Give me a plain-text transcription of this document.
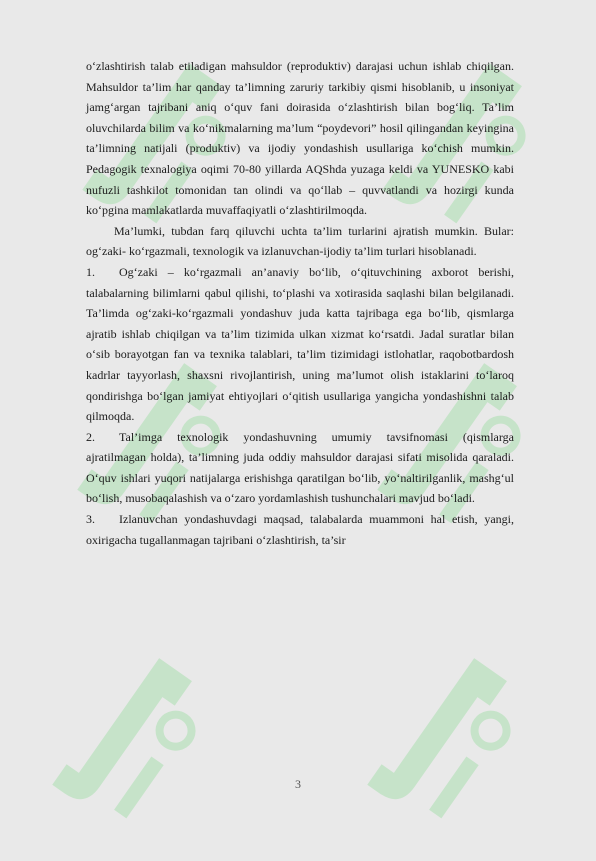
o‘zlashtirish talab etiladigan mahsuldor (reproduktiv) darajasi uchun ishlab chiqilgan. Mahsuldor ta’lim har qanday ta’limning zaruriy tarkibiy qismi hisoblanib, u insoniyat jamg‘argan tajribani aniq o‘quv fani doirasida o‘zlashtirish bilan bog‘liq. Ta’lim oluvchilarda bilim va ko‘nikmalarning ma’lum “poydevori” hosil qilingandan keyingina ta’limning natijali (produktiv) va ijodiy yondashish usullariga ko‘chish mumkin. Pedagogik texnalogiya oqimi 70-80 yillarda AQShda yuzaga keldi va YUNESKO kabi nufuzli tashkilot tomonidan tan olindi va qo‘llab – quvvatlandi va hozirgi kunda ko‘pgina mamlakatlarda muvaffaqiyatli o‘zlashtirilmoqda.

Ma’lumki, tubdan farq qiluvchi uchta ta’lim turlarini ajratish mumkin. Bular: og‘zaki- ko‘rgazmali, texnologik va izlanuvchan-ijodiy ta’lim turlari hisoblanadi.

1. Og‘zaki – ko‘rgazmali an’anaviy bo‘lib, o‘qituvchining axborot berishi, talabalarning bilimlarni qabul qilishi, to‘plashi va xotirasida saqlashi bilan belgilanadi. Ta’limda og‘zaki-ko‘rgazmali yondashuv juda katta tajribaga ega bo‘lib, qismlarga ajratib ishlab chiqilgan va ta’lim tizimida ulkan xizmat ko‘rsatdi. Jadal suratlar bilan o‘sib borayotgan fan va texnika talablari, ta’lim tizimidagi istlohatlar, raqobotbardosh kadrlar tayyorlash, shaxsni rivojlantirish, uning ma’lumot olish istaklarini to‘laroq qondirishga bo‘lgan jamiyat ehtiyojlari o‘qitish usullariga yangicha yondashishni talab qilmoqda.

2. Tal’imga texnologik yondashuvning umumiy tavsifnomasi (qismlarga ajratilmagan holda), ta’limning juda oddiy mahsuldor darajasi sifati misolida qaraladi. O‘quv ishlari yuqori natijalarga erishishga qaratilgan bo‘lib, yo‘naltirilganlik, mashg‘ul bo‘lish, musobaqalashish va o‘zaro yordamlashish tushunchalari mavjud bo‘ladi.

3. Izlanuvchan yondashuvdagi maqsad, talabalarda muammoni hal etish, yangi, oxirigacha tugallanmagan tajribani o‘zlashtirish, ta’sir

3
